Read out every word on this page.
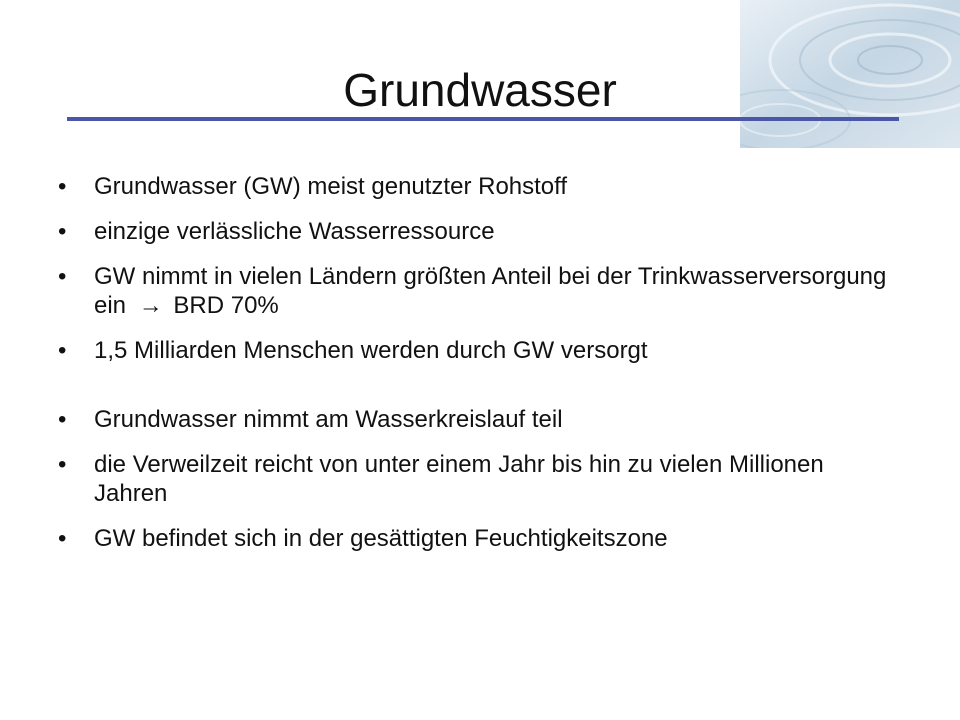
Grundwasser
• Grundwasser (GW) meist genutzter Rohstoff
• einzige verlässliche Wasserressource
• GW nimmt in vielen Ländern größten Anteil bei der Trinkwasserversorgung ein → BRD 70%
• 1,5 Milliarden Menschen werden durch GW versorgt
• Grundwasser nimmt am Wasserkreislauf teil
• die Verweilzeit reicht von unter einem Jahr bis hin zu vielen Millionen Jahren
• GW befindet sich in der gesättigten Feuchtigkeitszone
